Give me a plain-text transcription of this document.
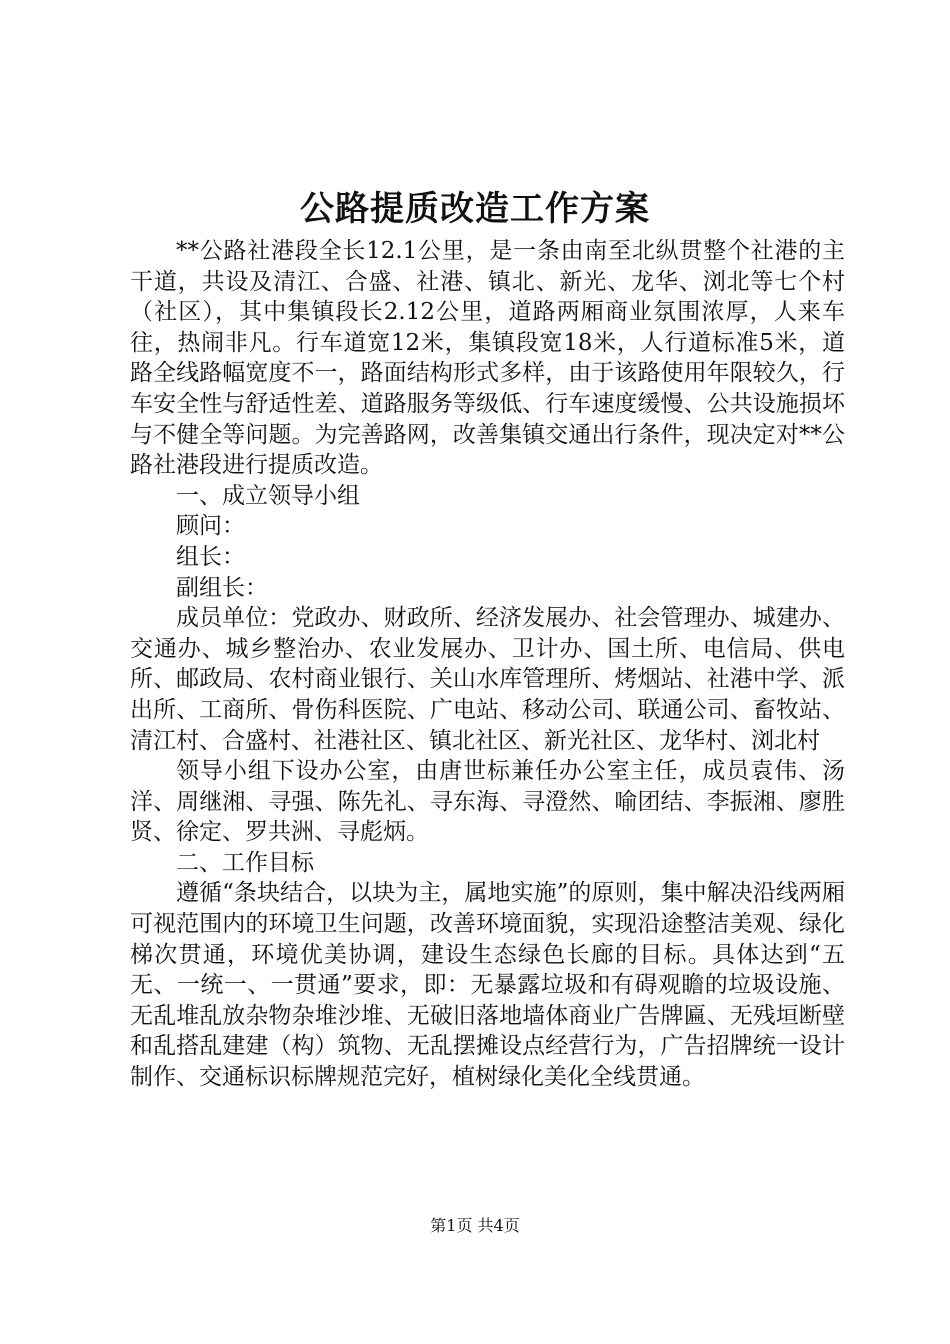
公路提质改造工作方案

**公路社港段全长12.1公里，是一条由南至北纵贯整个社港的主干道，共设及清江、合盛、社港、镇北、新光、龙华、浏北等七个村（社区），其中集镇段长2.12公里，道路两厢商业氛围浓厚，人来车往，热闹非凡。行车道宽12米，集镇段宽18米，人行道标准5米，道路全线路幅宽度不一，路面结构形式多样，由于该路使用年限较久，行车安全性与舒适性差、道路服务等级低、行车速度缓慢、公共设施损坏与不健全等问题。为完善路网，改善集镇交通出行条件，现决定对**公路社港段进行提质改造。

一、成立领导小组

顾问：

组长：

副组长：

成员单位：党政办、财政所、经济发展办、社会管理办、城建办、交通办、城乡整治办、农业发展办、卫计办、国土所、电信局、供电所、邮政局、农村商业银行、关山水库管理所、烤烟站、社港中学、派出所、工商所、骨伤科医院、广电站、移动公司、联通公司、畜牧站、清江村、合盛村、社港社区、镇北社区、新光社区、龙华村、浏北村

领导小组下设办公室，由唐世标兼任办公室主任，成员袁伟、汤洋、周继湘、寻强、陈先礼、寻东海、寻澄然、喻团结、李振湘、廖胜贤、徐定、罗共洲、寻彪炳。

二、工作目标

遵循“条块结合，以块为主，属地实施”的原则，集中解决沿线两厢可视范围内的环境卫生问题，改善环境面貌，实现沿途整洁美观、绿化梯次贯通，环境优美协调，建设生态绿色长廊的目标。具体达到“五无、一统一、一贯通”要求，即：无暴露垃圾和有碍观瞻的垃圾设施、无乱堆乱放杂物杂堆沙堆、无破旧落地墙体商业广告牌匾、无残垣断壁和乱搭乱建建（构）筑物、无乱摆摊设点经营行为，广告招牌统一设计制作、交通标识标牌规范完好，植树绿化美化全线贯通。

第1页 共4页
